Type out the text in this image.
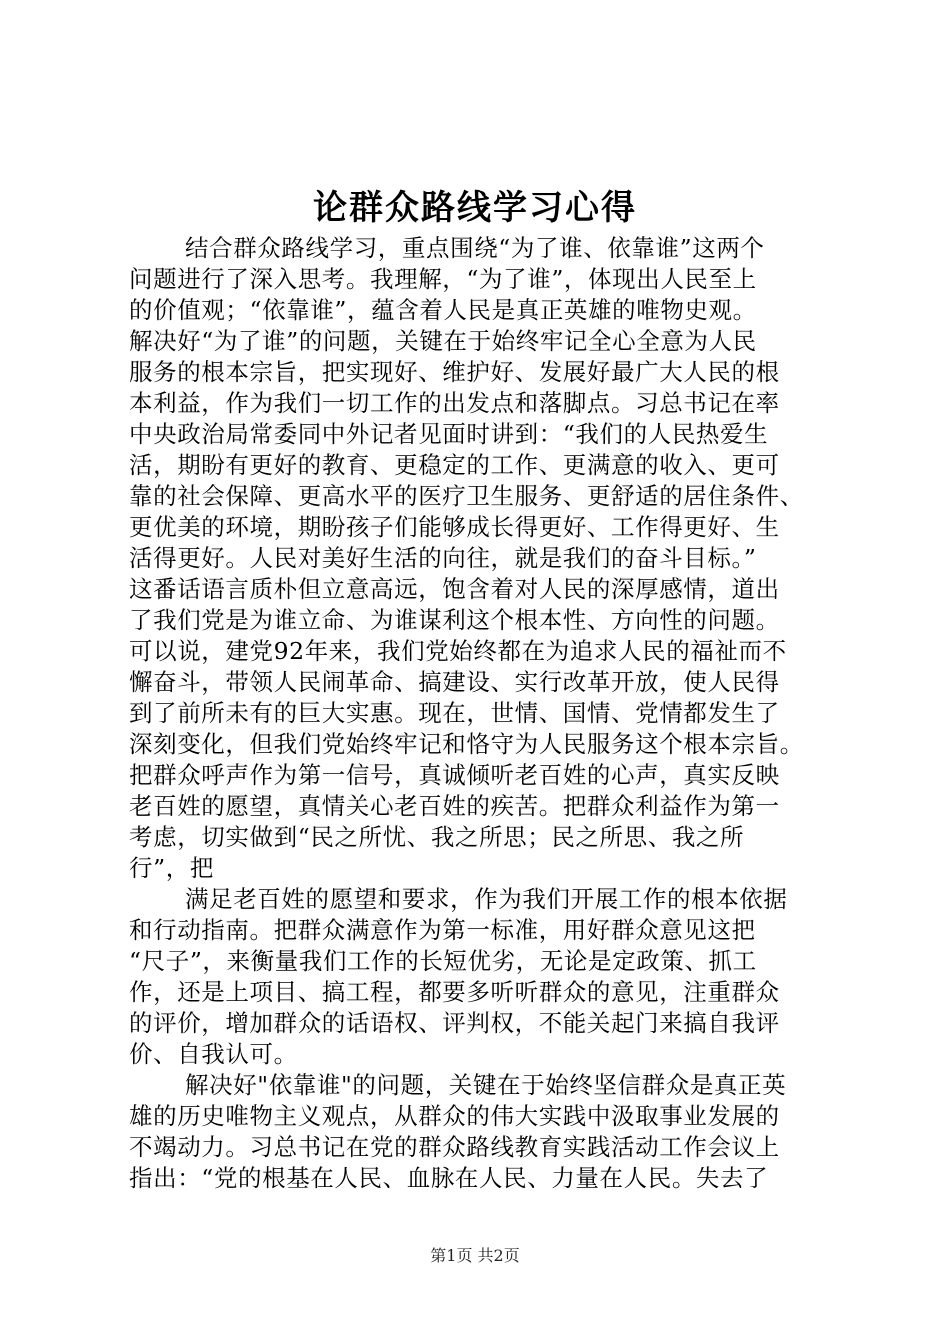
论群众路线学习心得
结合群众路线学习，重点围绕“为了谁、依靠谁”这两个
问题进行了深入思考。我理解，“为了谁”，体现出人民至上
的价值观；“依靠谁”，蕴含着人民是真正英雄的唯物史观。
解决好“为了谁”的问题，关键在于始终牢记全心全意为人民
服务的根本宗旨，把实现好、维护好、发展好最广大人民的根
本利益，作为我们一切工作的出发点和落脚点。习总书记在率
中央政治局常委同中外记者见面时讲到：“我们的人民热爱生
活，期盼有更好的教育、更稳定的工作、更满意的收入、更可
靠的社会保障、更高水平的医疗卫生服务、更舒适的居住条件、
更优美的环境，期盼孩子们能够成长得更好、工作得更好、生
活得更好。人民对美好生活的向往，就是我们的奋斗目标。”
这番话语言质朴但立意高远，饱含着对人民的深厚感情，道出
了我们党是为谁立命、为谁谋利这个根本性、方向性的问题。
可以说，建党92年来，我们党始终都在为追求人民的福祉而不
懈奋斗，带领人民闹革命、搞建设、实行改革开放，使人民得
到了前所未有的巨大实惠。现在，世情、国情、党情都发生了
深刻变化，但我们党始终牢记和恪守为人民服务这个根本宗旨。
把群众呼声作为第一信号，真诚倾听老百姓的心声，真实反映
老百姓的愿望，真情关心老百姓的疾苦。把群众利益作为第一
考虑，切实做到“民之所忧、我之所思；民之所思、我之所
行”，把
满足老百姓的愿望和要求，作为我们开展工作的根本依据
和行动指南。把群众满意作为第一标准，用好群众意见这把
“尺子”，来衡量我们工作的长短优劣，无论是定政策、抓工
作，还是上项目、搞工程，都要多听听群众的意见，注重群众
的评价，增加群众的话语权、评判权，不能关起门来搞自我评
价、自我认可。
解决好"依靠谁"的问题，关键在于始终坚信群众是真正英
雄的历史唯物主义观点，从群众的伟大实践中汲取事业发展的
不竭动力。习总书记在党的群众路线教育实践活动工作会议上
指出：“党的根基在人民、血脉在人民、力量在人民。失去了
第1页 共2页
